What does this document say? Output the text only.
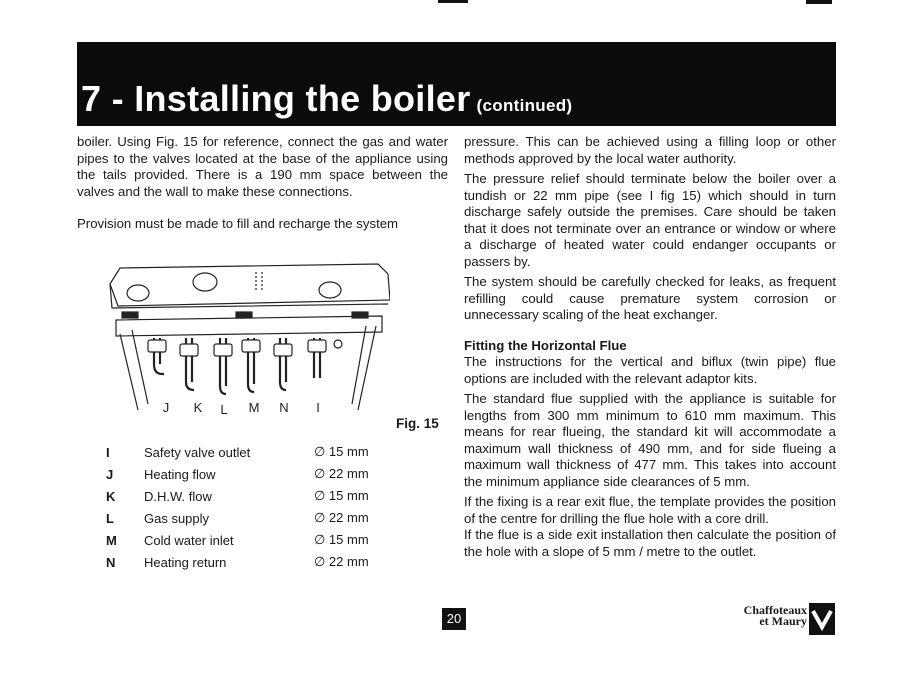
7 - Installing the boiler (continued)

boiler. Using Fig. 15 for reference, connect the gas and water pipes to the valves located at the base of the appliance using the tails provided. There is a 190 mm space between the valves and the wall to make these connections.

Provision must be made to fill and recharge the system

J K L M N I
Fig. 15
I	Safety valve outlet	∅ 15 mm
J	Heating flow	∅ 22 mm
K	D.H.W. flow	∅ 15 mm
L	Gas supply	∅ 22 mm
M	Cold water inlet	∅ 15 mm
N	Heating return	∅ 22 mm

pressure. This can be achieved using a filling loop or other methods approved by the local water authority.

The pressure relief should terminate below the boiler over a tundish or 22 mm pipe (see I fig 15) which should in turn discharge safely outside the premises. Care should be taken that it does not terminate over an entrance or window or where a discharge of heated water could endanger occupants or passers by.

The system should be carefully checked for leaks, as frequent refilling could cause premature system corrosion or unnecessary scaling of the heat exchanger.

Fitting the Horizontal Flue

The instructions for the vertical and biflux (twin pipe) flue options are included with the relevant adaptor kits.

The standard flue supplied with the appliance is suitable for lengths from 300 mm minimum to 610 mm maximum. This means for rear flueing, the standard kit will accommodate a maximum wall thickness of 490 mm, and for side flueing a maximum wall thickness of 477 mm. This takes into account the minimum appliance side clearances of 5 mm.

If the fixing is a rear exit flue, the template provides the position of the centre for drilling the flue hole with a core drill.

If the flue is a side exit installation then calculate the position of the hole with a slope of 5 mm / metre to the outlet.

20
Chaffoteaux
et Maury
